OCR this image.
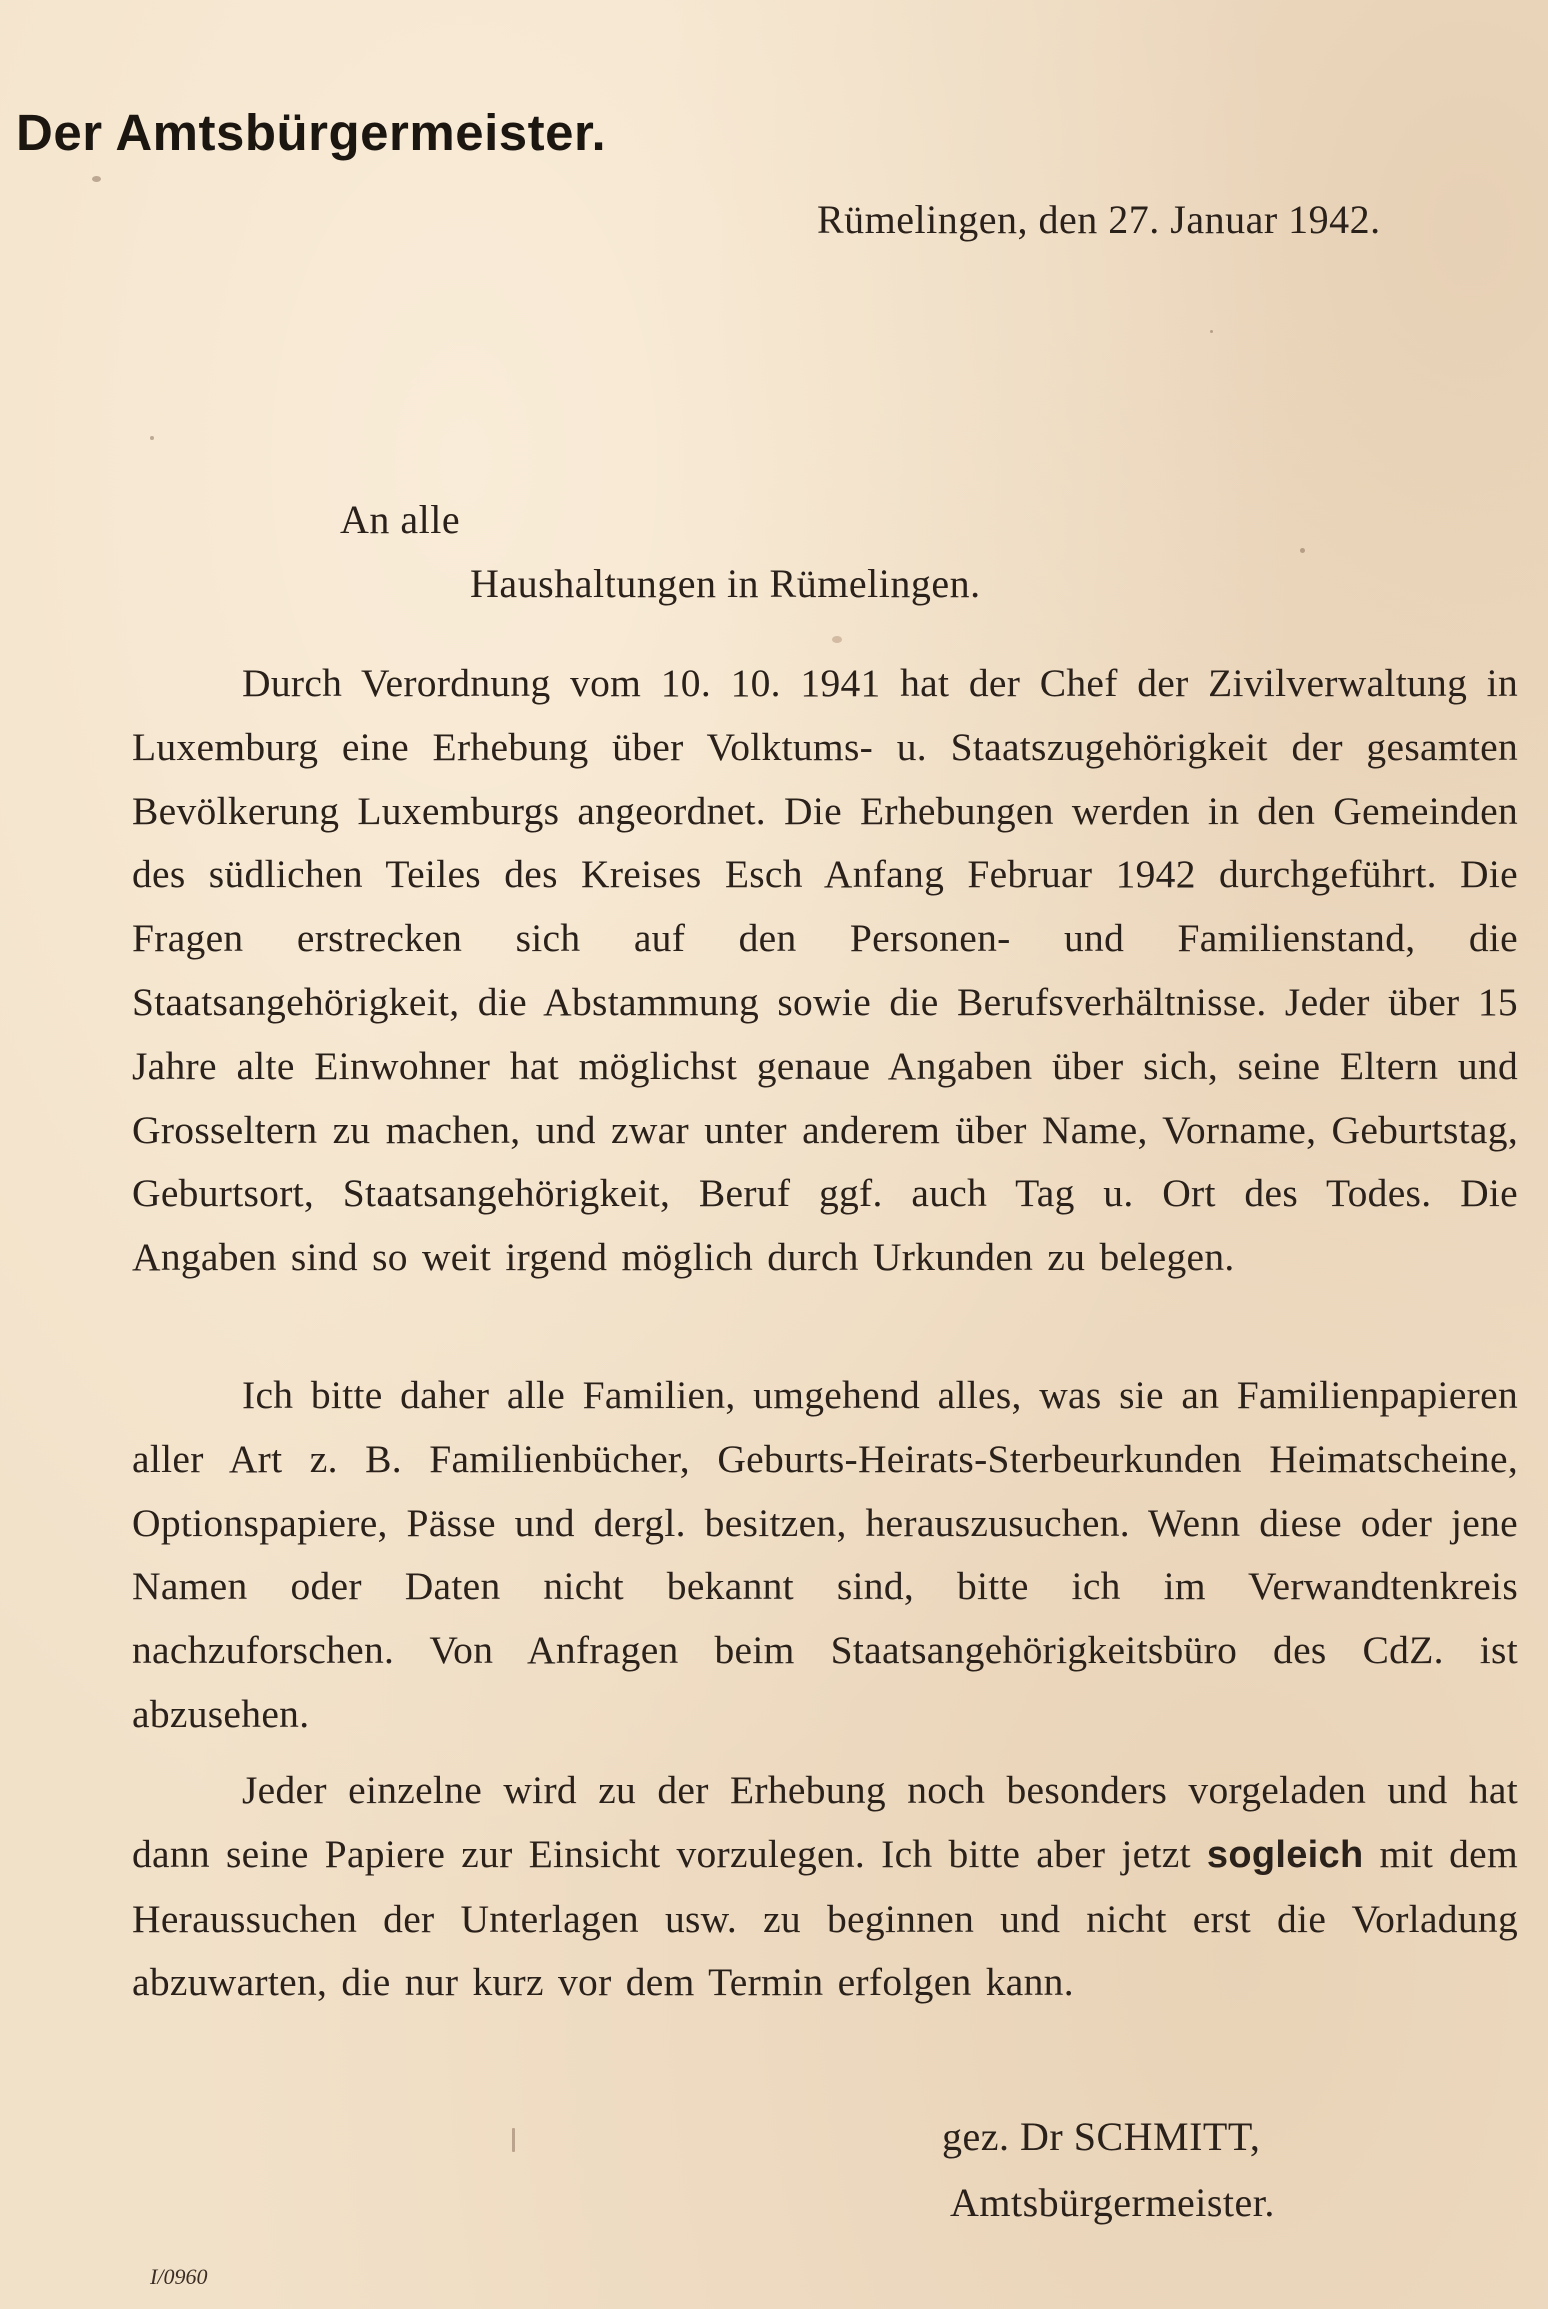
Der Amtsbürgermeister.
Rümelingen, den 27. Januar 1942.
An alle
Haushaltungen in Rümelingen.

Durch Verordnung vom 10. 10. 1941 hat der Chef der Zivilverwaltung in Luxemburg eine Erhebung über Volktums- u. Staatszugehörigkeit der gesamten Bevölkerung Luxemburgs angeordnet. Die Erhebungen werden in den Gemeinden des südlichen Teiles des Kreises Esch Anfang Februar 1942 durchgeführt. Die Fragen erstrecken sich auf den Personen- und Familienstand, die Staatsangehörigkeit, die Abstammung sowie die Berufsverhältnisse. Jeder über 15 Jahre alte Einwohner hat möglichst genaue Angaben über sich, seine Eltern und Grosseltern zu machen, und zwar unter anderem über Name, Vorname, Geburtstag, Geburtsort, Staatsangehörigkeit, Beruf ggf. auch Tag u. Ort des Todes. Die Angaben sind so weit irgend möglich durch Urkunden zu belegen.

Ich bitte daher alle Familien, umgehend alles, was sie an Familienpapieren aller Art z. B. Familienbücher, Geburts-Heirats-Sterbeurkunden Heimatscheine, Optionspapiere, Pässe und dergl. besitzen, herauszusuchen. Wenn diese oder jene Namen oder Daten nicht bekannt sind, bitte ich im Verwandtenkreis nachzuforschen. Von Anfragen beim Staatsangehörigkeitsbüro des CdZ. ist abzusehen.

Jeder einzelne wird zu der Erhebung noch besonders vorgeladen und hat dann seine Papiere zur Einsicht vorzulegen. Ich bitte aber jetzt sogleich mit dem Heraussuchen der Unterlagen usw. zu beginnen und nicht erst die Vorladung abzuwarten, die nur kurz vor dem Termin erfolgen kann.

gez. Dr SCHMITT,
Amtsbürgermeister.
I/0960
